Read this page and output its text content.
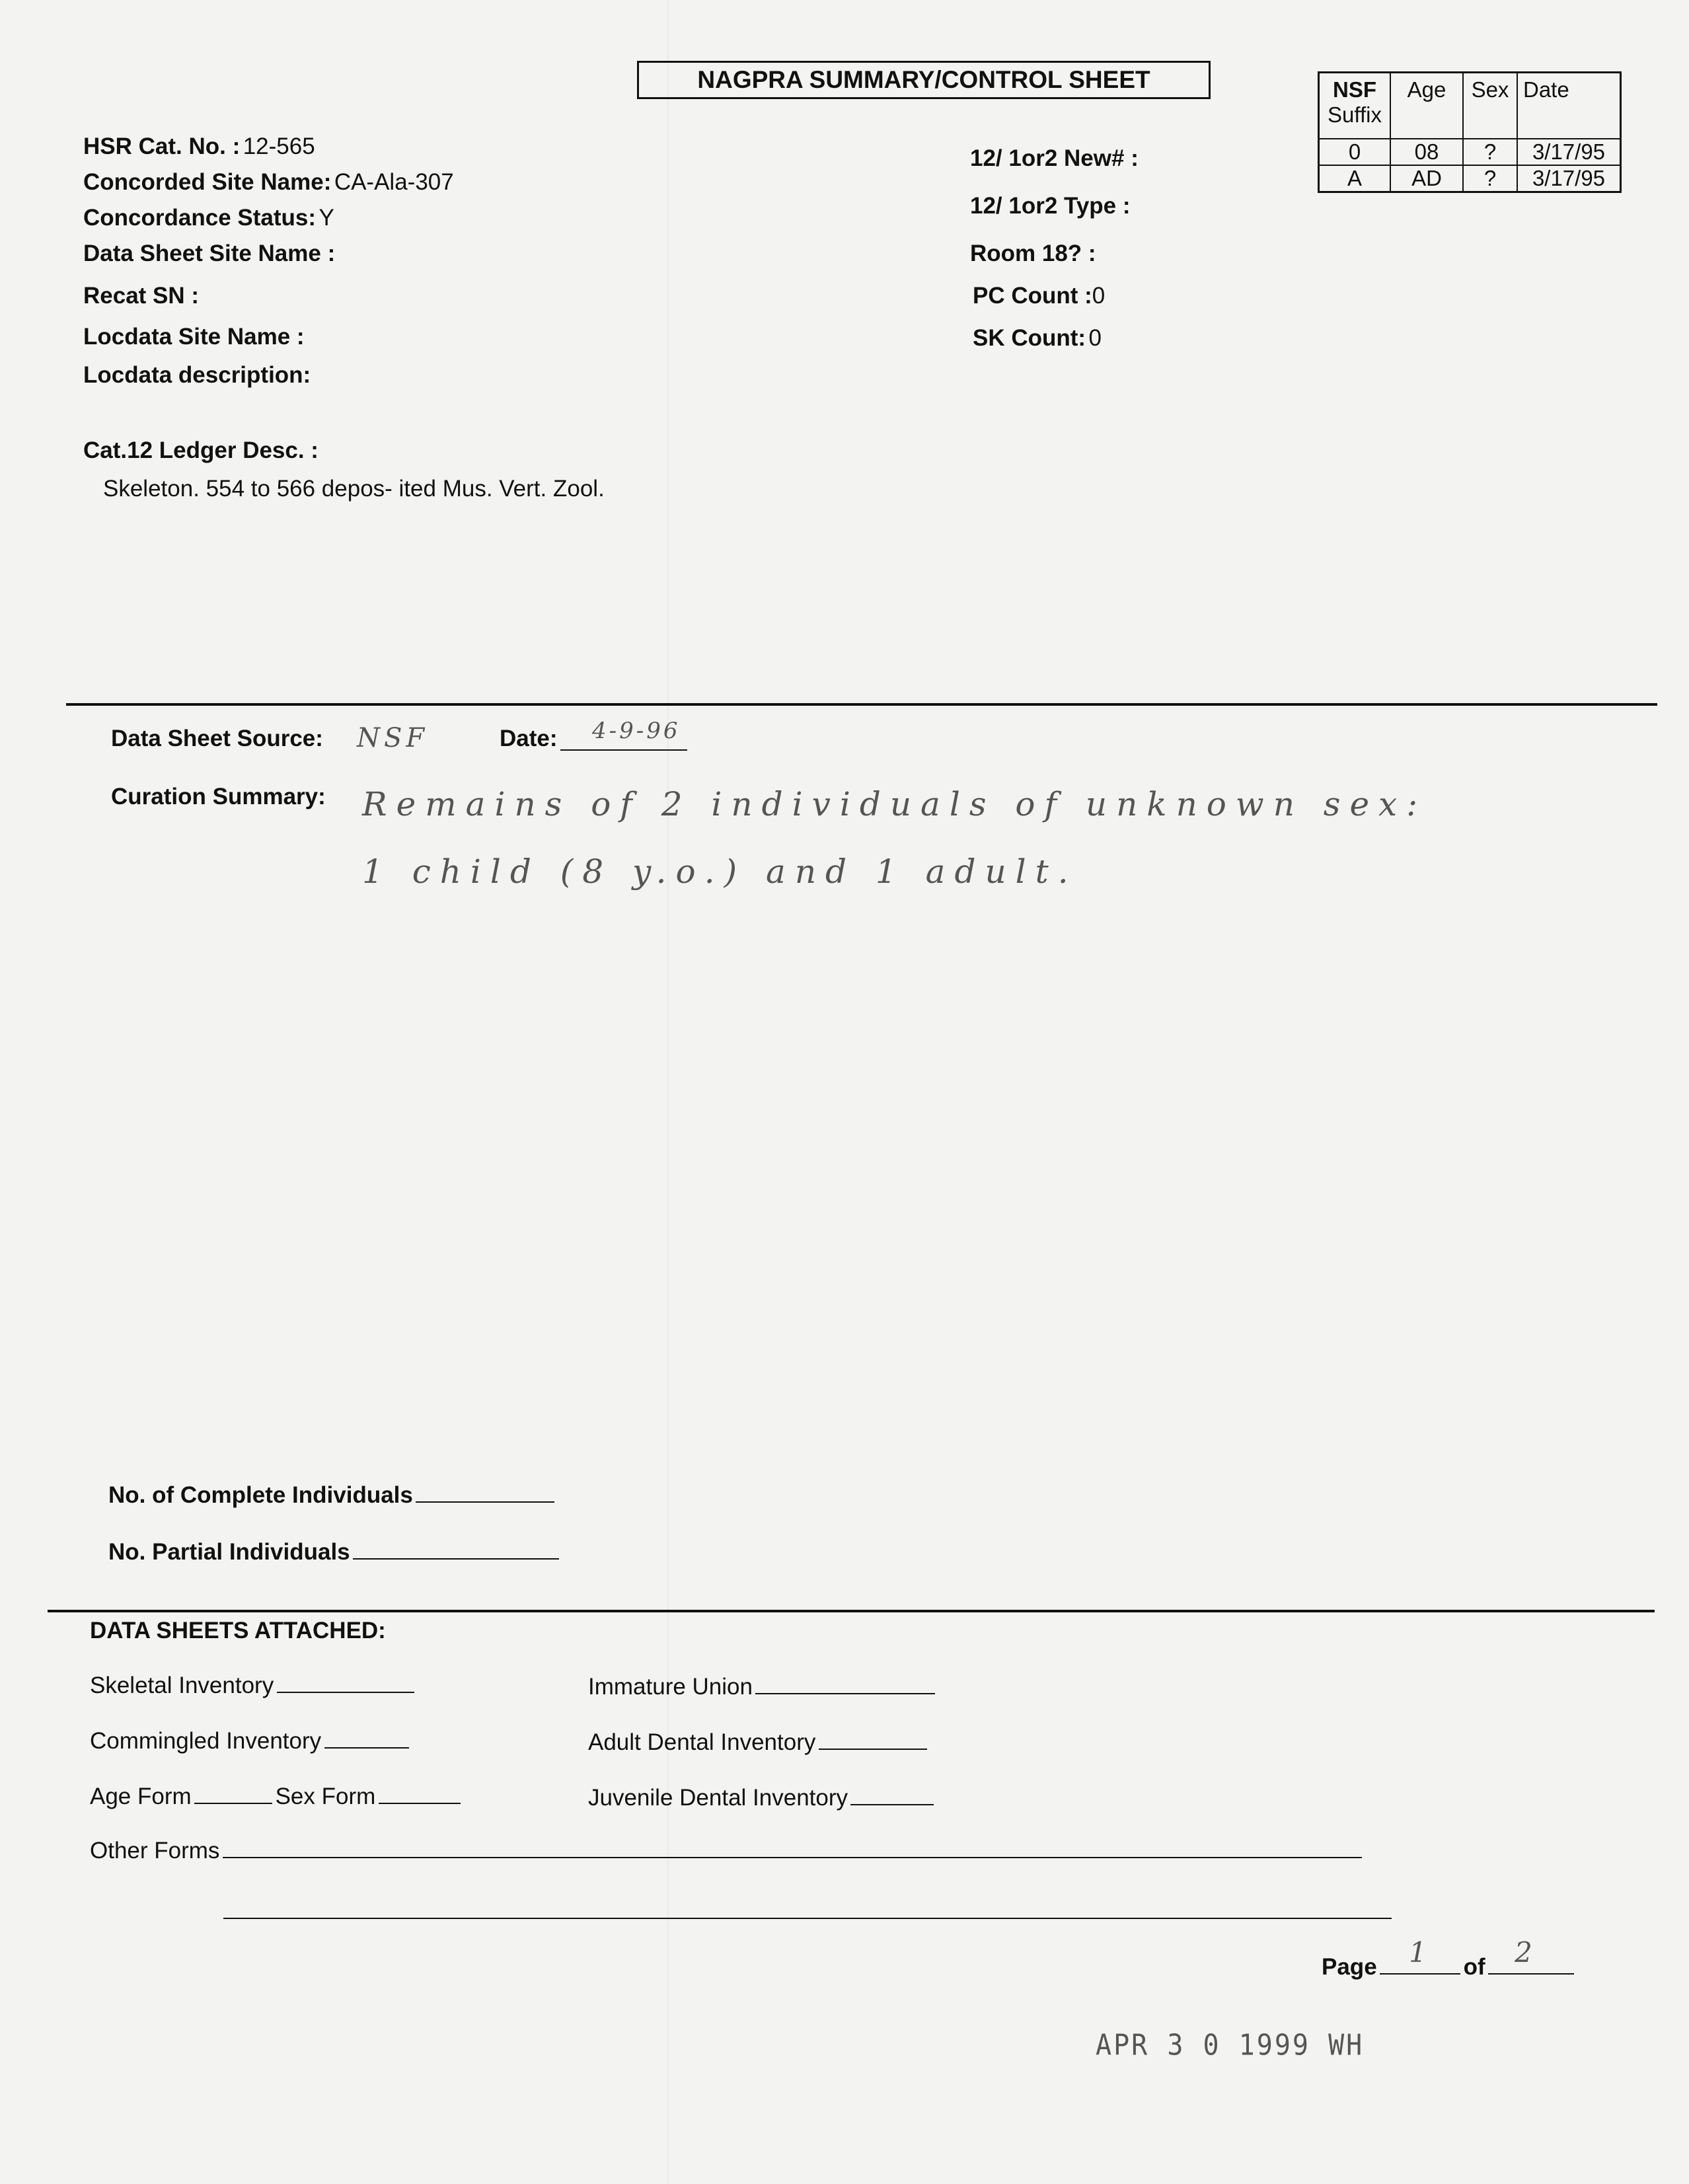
NAGPRA SUMMARY/CONTROL SHEET
HSR Cat. No. : 12-565
Concorded Site Name: CA-Ala-307
Concordance Status: Y
Data Sheet Site Name :
Recat SN :
Locdata Site Name :
Locdata description:
Cat.12 Ledger Desc. :
Skeleton. 554 to 566 depos- ited Mus. Vert. Zool.
12/ 1or2 New# :
12/ 1or2 Type :
Room 18? :
PC Count :0
SK Count: 0
NSF
Suffix	Age	Sex	Date
0	08	?	3/17/95
A	AD	?	3/17/95
Data Sheet Source: NSF	Date: 4-9-96
Curation Summary: Remains of 2 individuals of unknown sex:
1 child (8 y.o.) and 1 adult.
No. of Complete Individuals
No. Partial Individuals
DATA SHEETS ATTACHED:
Skeletal Inventory
Commingled Inventory
Age Form	Sex Form
Other Forms
Immature Union
Adult Dental Inventory
Juvenile Dental Inventory
Page 1 of 2
APR 3 0 1999 WH
